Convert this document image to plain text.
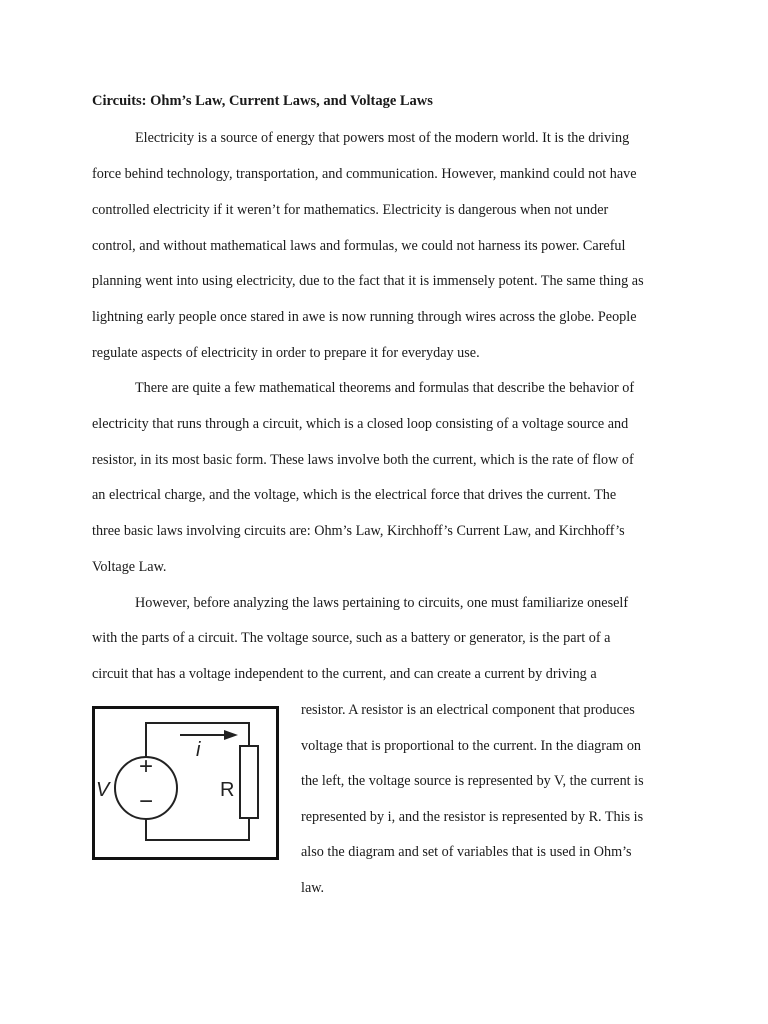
Circuits: Ohm’s Law, Current Laws, and Voltage Laws
Electricity is a source of energy that powers most of the modern world. It is the driving
force behind technology, transportation, and communication. However, mankind could not have
controlled electricity if it weren’t for mathematics. Electricity is dangerous when not under
control, and without mathematical laws and formulas, we could not harness its power. Careful
planning went into using electricity, due to the fact that it is immensely potent. The same thing as
lightning early people once stared in awe is now running through wires across the globe. People
regulate aspects of electricity in order to prepare it for everyday use.
There are quite a few mathematical theorems and formulas that describe the behavior of
electricity that runs through a circuit, which is a closed loop consisting of a voltage source and
resistor, in its most basic form. These laws involve both the current, which is the rate of flow of
an electrical charge, and the voltage, which is the electrical force that drives the current. The
three basic laws involving circuits are: Ohm’s Law, Kirchhoff’s Current Law, and Kirchhoff’s
Voltage Law.
However, before analyzing the laws pertaining to circuits, one must familiarize oneself
with the parts of a circuit. The voltage source, such as a battery or generator, is the part of a
circuit that has a voltage independent to the current, and can create a current by driving a
resistor. A resistor is an electrical component that produces
voltage that is proportional to the current. In the diagram on
the left, the voltage source is represented by V, the current is
represented by i, and the resistor is represented by R. This is
also the diagram and set of variables that is used in Ohm’s
law.
+
−
V	R
i
